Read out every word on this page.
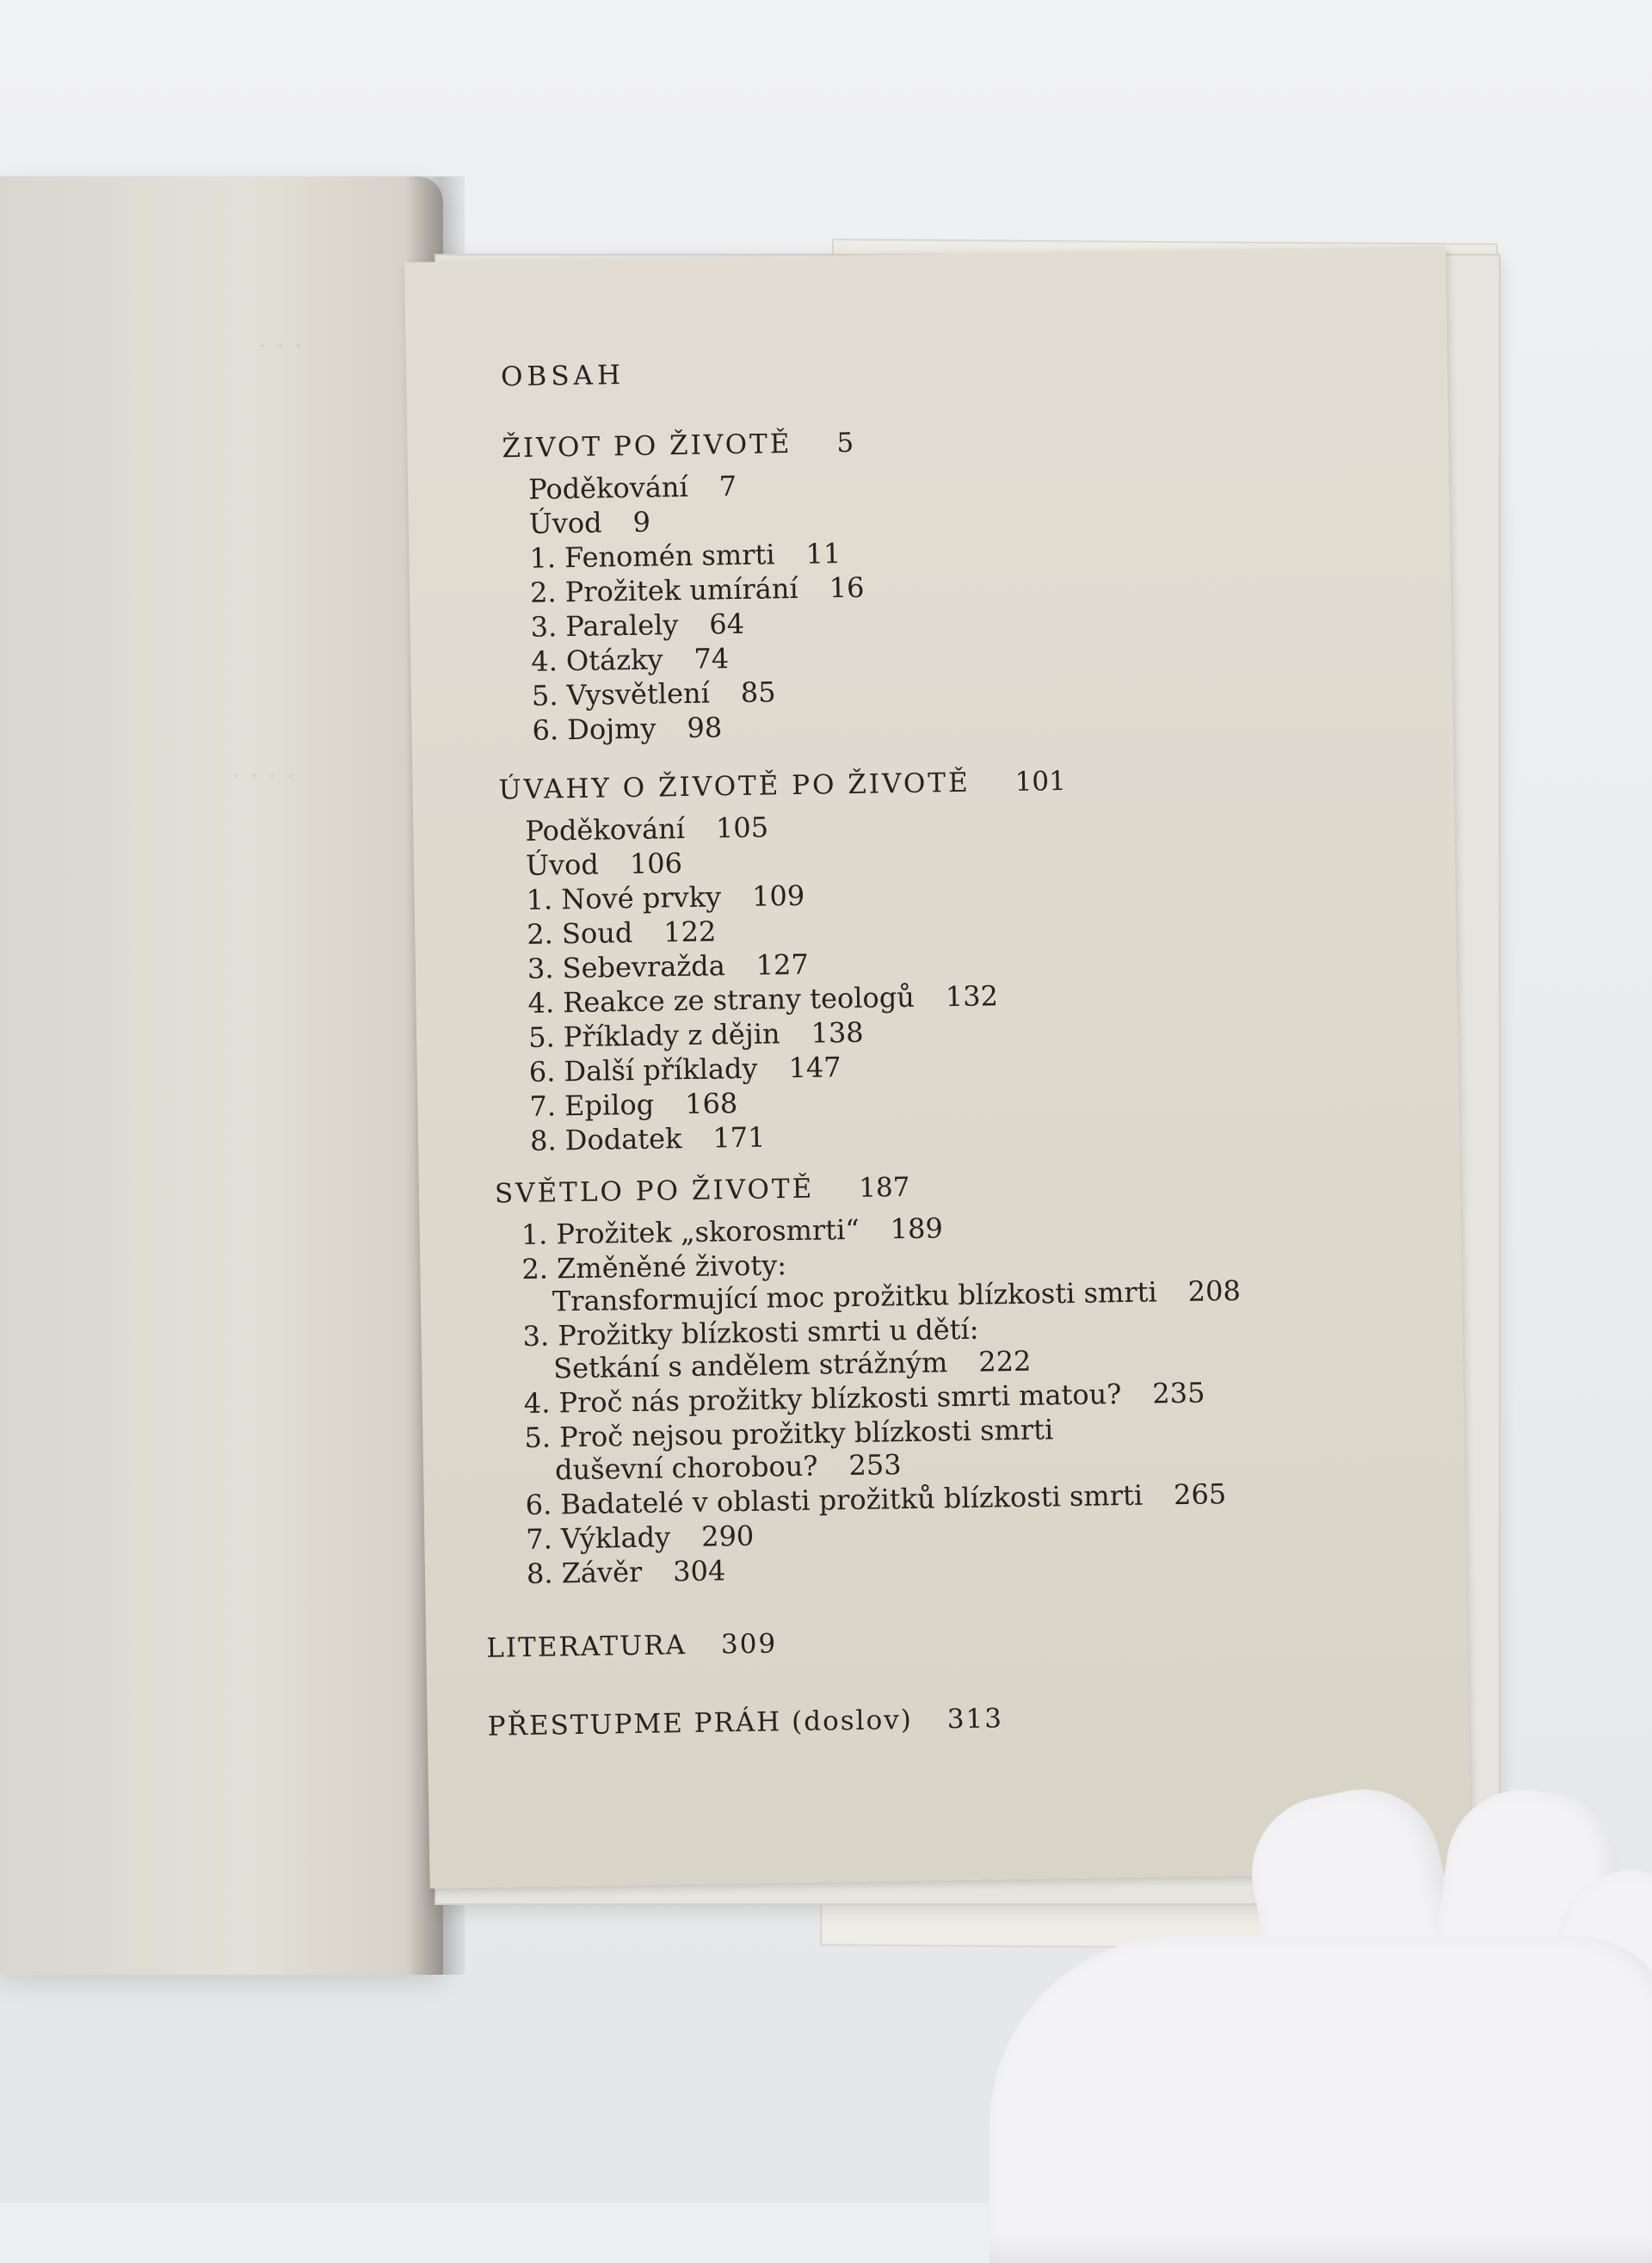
· · ·
· · · ·
OBSAH
ŽIVOT PO ŽIVOTĚ 5
Poděkování 7
Úvod 9
1. Fenomén smrti 11
2. Prožitek umírání 16
3. Paralely 64
4. Otázky 74
5. Vysvětlení 85
6. Dojmy 98
ÚVAHY O ŽIVOTĚ PO ŽIVOTĚ 101
Poděkování 105
Úvod 106
1. Nové prvky 109
2. Soud 122
3. Sebevražda 127
4. Reakce ze strany teologů 132
5. Příklady z dějin 138
6. Další příklady 147
7. Epilog 168
8. Dodatek 171
SVĚTLO PO ŽIVOTĚ 187
1. Prožitek „skorosmrti“ 189
2. Změněné životy:
Transformující moc prožitku blízkosti smrti 208
3. Prožitky blízkosti smrti u dětí:
Setkání s andělem strážným 222
4. Proč nás prožitky blízkosti smrti matou? 235
5. Proč nejsou prožitky blízkosti smrti
duševní chorobou? 253
6. Badatelé v oblasti prožitků blízkosti smrti 265
7. Výklady 290
8. Závěr 304
LITERATURA 309
PŘESTUPME PRÁH (doslov) 313
